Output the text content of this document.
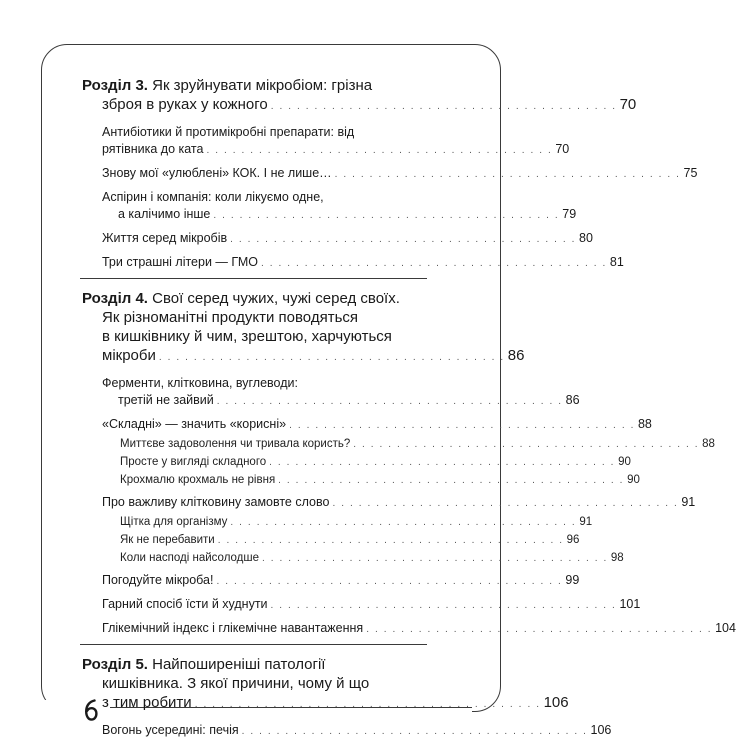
Розділ 3. Як зруйнувати мікробіом: грізна
зброя в руках у кожного . . . . . . . . . . . . . . . . . . . . . . . . . . . . . . . . . . . . . . . . 70
Антибіотики й протимікробні препарати: від
рятівника до ката . . . . . . . . . . . . . . . . . . . . . . . . . . . . . . . . . . . . . . . . 70
Знову мої «улюблені» КОК. І не лише… . . . . . . . . . . . . . . . . . . . . . . . . . . . . . . . . . . . . . . . . 75
Аспірин і компанія: коли лікуємо одне,
а калічимо інше . . . . . . . . . . . . . . . . . . . . . . . . . . . . . . . . . . . . . . . . 79
Життя серед мікробів . . . . . . . . . . . . . . . . . . . . . . . . . . . . . . . . . . . . . . . . 80
Три страшні літери — ГМО . . . . . . . . . . . . . . . . . . . . . . . . . . . . . . . . . . . . . . . . 81
Розділ 4. Свої серед чужих, чужі серед своїх.
Як різноманітні продукти поводяться
в кишківнику й чим, зрештою, харчуються
мікроби . . . . . . . . . . . . . . . . . . . . . . . . . . . . . . . . . . . . . . . . 86
Ферменти, клітковина, вуглеводи:
третій не зайвий . . . . . . . . . . . . . . . . . . . . . . . . . . . . . . . . . . . . . . . . 86
«Складні» — значить «корисні» . . . . . . . . . . . . . . . . . . . . . . . . . . . . . . . . . . . . . . . . 88
Миттєве задоволення чи тривала користь? . . . . . . . . . . . . . . . . . . . . . . . . . . . . . . . . . . . . . . . . 88
Просте у вигляді складного . . . . . . . . . . . . . . . . . . . . . . . . . . . . . . . . . . . . . . . . 90
Крохмалю крохмаль не рівня . . . . . . . . . . . . . . . . . . . . . . . . . . . . . . . . . . . . . . . . 90
Про важливу клітковину замовте слово . . . . . . . . . . . . . . . . . . . . . . . . . . . . . . . . . . . . . . . . 91
Щітка для організму . . . . . . . . . . . . . . . . . . . . . . . . . . . . . . . . . . . . . . . . 91
Як не перебавити . . . . . . . . . . . . . . . . . . . . . . . . . . . . . . . . . . . . . . . . 96
Коли насподі найсолодше . . . . . . . . . . . . . . . . . . . . . . . . . . . . . . . . . . . . . . . . 98
Погодуйте мікроба! . . . . . . . . . . . . . . . . . . . . . . . . . . . . . . . . . . . . . . . . 99
Гарний спосіб їсти й худнути . . . . . . . . . . . . . . . . . . . . . . . . . . . . . . . . . . . . . . . . 101
Глікемічний індекс і глікемічне навантаження . . . . . . . . . . . . . . . . . . . . . . . . . . . . . . . . . . . . . . . . 104
Розділ 5. Найпоширеніші патології
кишківника. З якої причини, чому й що
з тим робити . . . . . . . . . . . . . . . . . . . . . . . . . . . . . . . . . . . . . . . . 106
Вогонь усередині: печія . . . . . . . . . . . . . . . . . . . . . . . . . . . . . . . . . . . . . . . . 106
